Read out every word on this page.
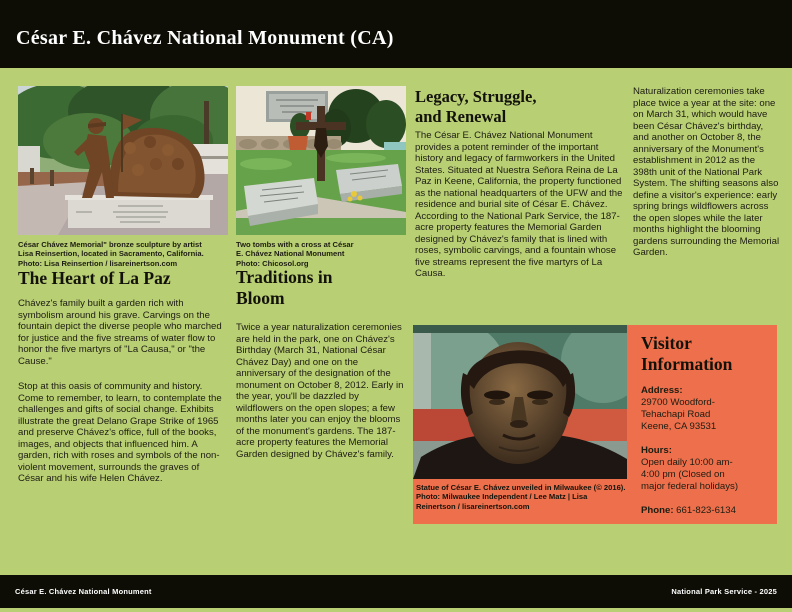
César E. Chávez National Monument (CA)
César Chávez Memorial" bronze sculpture by artist
Lisa Reinsertion, located in Sacramento, California.
Photo: Lisa Reinsertion / lisareinertson.com
The Heart of La Paz
Chávez's family built a garden rich with symbolism around his grave. Carvings on the fountain depict the diverse people who marched for justice and the five streams of water flow to honor the five martyrs of "La Causa," or "the Cause."
Stop at this oasis of community and history. Come to remember, to learn, to contemplate the challenges and gifts of social change. Exhibits illustrate the great Delano Grape Strike of 1965 and preserve Chávez's office, full of the books, images, and objects that influenced him. A garden, rich with roses and symbols of the non-violent movement, surrounds the graves of César and his wife Helen Chávez.
Two tombs with a cross at César
E. Chávez National Monument
Photo: Chicosol.org
Traditions in Bloom
Twice a year naturalization ceremonies are held in the park, one on Chávez's Birthday (March 31, National César Chávez Day) and one on the anniversary of the designation of the monument on October 8, 2012. Early in the year, you'll be dazzled by wildflowers on the open slopes; a few months later you can enjoy the blooms of the monument's gardens. The 187-acre property features the Memorial Garden designed by Chávez's family.
Legacy, Struggle, and Renewal
The César E. Chávez National Monument provides a potent reminder of the important history and legacy of farmworkers in the United States. Situated at Nuestra Señora Reina de La Paz in Keene, California, the property functioned as the national headquarters of the UFW and the residence and burial site of César E. Chávez. According to the National Park Service, the 187-acre property features the Memorial Garden designed by Chávez's family that is lined with roses, symbolic carvings, and a fountain whose five streams represent the five martyrs of La Causa.
Naturalization ceremonies take place twice a year at the site: one on March 31, which would have been César Chávez's birthday, and another on October 8, the anniversary of the Monument's establishment in 2012 as the 398th unit of the National Park System. The shifting seasons also define a visitor's experience: early spring brings wildflowers across the open slopes while the later months highlight the blooming gardens surrounding the Memorial Garden.
Statue of César E. Chávez unveiled in Milwaukee (© 2016).
Photo: Milwaukee Independent / Lee Matz | Lisa
Reinertson / lisareinertson.com
Visitor Information
Address:
29700 Woodford-
Tehachapi Road
Keene, CA 93531
Hours:
Open daily 10:00 am-
4:00 pm (Closed on
major federal holidays)
Phone: 661-823-6134
César E. Chávez National Monument	National Park Service - 2025
